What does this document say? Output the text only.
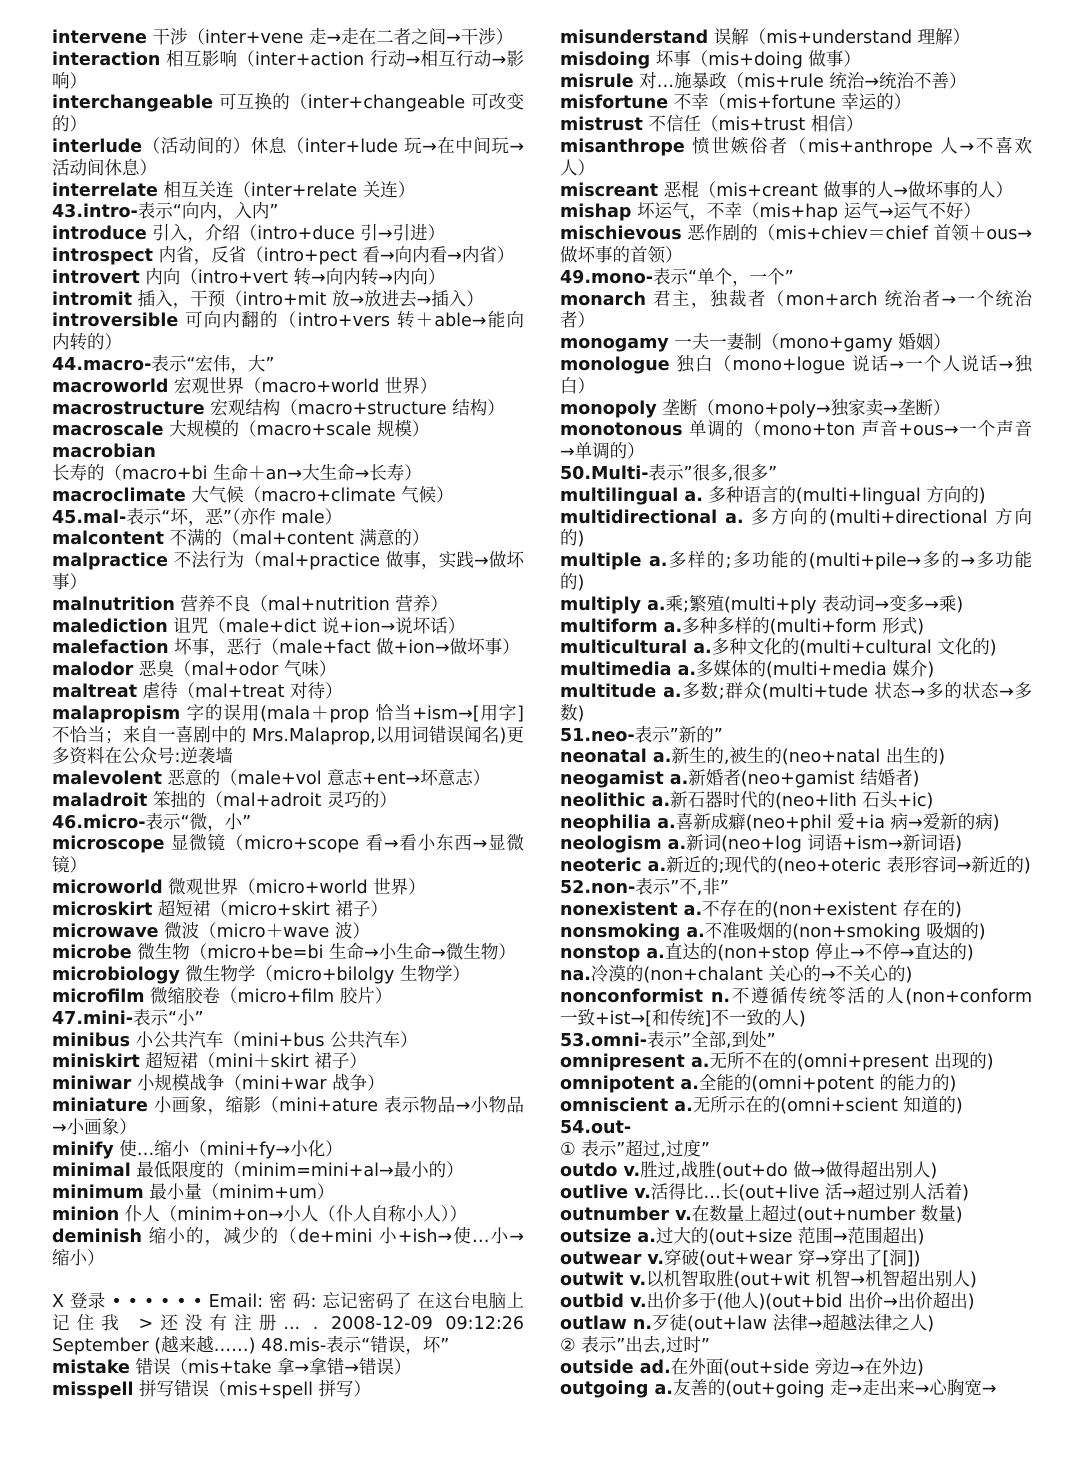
intervene 干涉（inter+vene 走→走在二者之间→干涉）

interaction 相互影响（inter+action 行动→相互行动→影响）

interchangeable 可互换的（inter+changeable 可改变的）

interlude（活动间的）休息（inter+lude 玩→在中间玩→活动间休息）

interrelate 相互关连（inter+relate 关连）

43.intro-表示“向内，入内”

introduce 引入，介绍（intro+duce 引→引进）

introspect 内省，反省（intro+pect 看→向内看→内省）

introvert 内向（intro+vert 转→向内转→内向）

intromit 插入，干预（intro+mit 放→放进去→插入）

introversible 可向内翻的（intro+vers 转＋able→能向内转的）

44.macro-表示“宏伟，大”

macroworld 宏观世界（macro+world 世界）

macrostructure 宏观结构（macro+structure 结构）

macroscale 大规模的（macro+scale 规模）

macrobian 长寿的（macro+bi 生命＋an→大生命→长寿）

macroclimate 大气候（macro+climate 气候）

45.mal-表示“坏，恶”（亦作 male）

malcontent 不满的（mal+content 满意的）

malpractice 不法行为（mal+practice 做事，实践→做坏事）

malnutrition 营养不良（mal+nutrition 营养）

malediction 诅咒（male+dict 说+ion→说坏话）

malefaction 坏事，恶行（male+fact 做+ion→做坏事）

malodor 恶臭（mal+odor 气味）

maltreat 虐待（mal+treat 对待）

malapropism 字的误用(mala＋prop 恰当+ism→[用字]不恰当；来自一喜剧中的 Mrs.Malaprop,以用词错误闻名)更多资料在公众号:逆袭墙

malevolent 恶意的（male+vol 意志+ent→坏意志）

maladroit 笨拙的（mal+adroit 灵巧的）

46.micro-表示“微，小”

microscope 显微镜（micro+scope 看→看小东西→显微镜）

microworld 微观世界（micro+world 世界）

microskirt 超短裙（micro+skirt 裙子）

microwave 微波（micro＋wave 波）

microbe 微生物（micro+be=bi 生命→小生命→微生物）

microbiology 微生物学（micro+bilolgy 生物学）

microfilm 微缩胶卷（micro+film 胶片）

47.mini-表示“小”

minibus 小公共汽车（mini+bus 公共汽车）

miniskirt 超短裙（mini＋skirt 裙子）

miniwar 小规模战争（mini+war 战争）

miniature 小画象，缩影（mini+ature 表示物品→小物品→小画象）

minify 使…缩小（mini+fy→小化）

minimal 最低限度的（minim=mini+al→最小的）

minimum 最小量（minim+um）

minion 仆人（minim+on→小人（仆人自称小人））

deminish 缩小的，减少的（de+mini 小+ish→使…小→缩小）

X 登录 • • • • • • Email: 密 码: 忘记密码了 在这台电脑上记住我 >还没有注册... . 2008-12-09 09:12:26 September (越来越……) 48.mis-表示“错误，坏”

mistake 错误（mis+take 拿→拿错→错误）

misspell 拼写错误（mis+spell 拼写）

misunderstand 误解（mis+understand 理解）

misdoing 坏事（mis+doing 做事）

misrule 对…施暴政（mis+rule 统治→统治不善）

misfortune 不幸（mis+fortune 幸运的）

mistrust 不信任（mis+trust 相信）

misanthrope 愤世嫉俗者（mis+anthrope 人→不喜欢人）

miscreant 恶棍（mis+creant 做事的人→做坏事的人）

mishap 坏运气，不幸（mis+hap 运气→运气不好）

mischievous 恶作剧的（mis+chiev＝chief 首领＋ous→做坏事的首领）

49.mono-表示“单个，一个”

monarch 君主，独裁者（mon+arch 统治者→一个统治者）

monogamy 一夫一妻制（mono+gamy 婚姻）

monologue 独白（mono+logue 说话→一个人说话→独白）

monopoly 垄断（mono+poly→独家卖→垄断）

monotonous 单调的（mono+ton 声音+ous→一个声音→单调的）

50.Multi-表示”很多,很多”

multilingual a. 多种语言的(multi+lingual 方向的)

multidirectional a. 多方向的(multi+directional 方向的)

multiple a.多样的;多功能的(multi+pile→多的→多功能的)

multiply a.乘;繁殖(multi+ply 表动词→变多→乘)

multiform a.多种多样的(multi+form 形式)

multicultural a.多种文化的(multi+cultural 文化的)

multimedia a.多媒体的(multi+media 媒介)

multitude a.多数;群众(multi+tude 状态→多的状态→多数)

51.neo-表示”新的”

neonatal a.新生的,被生的(neo+natal 出生的)

neogamist a.新婚者(neo+gamist 结婚者)

neolithic a.新石器时代的(neo+lith 石头+ic)

neophilia a.喜新成癖(neo+phil 爱+ia 病→爱新的病)

neologism a.新词(neo+log 词语+ism→新词语)

neoteric a.新近的;现代的(neo+oteric 表形容词→新近的)

52.non-表示”不,非”

nonexistent a.不存在的(non+existent 存在的)

nonsmoking a.不准吸烟的(non+smoking 吸烟的)

nonstop a.直达的(non+stop 停止→不停→直达的)

na.冷漠的(non+chalant 关心的→不关心的)

nonconformist n.不遵循传统笭活的人(non+conform 一致+ist→[和传统]不一致的人)

53.omni-表示”全部,到处”

omnipresent a.无所不在的(omni+present 出现的)

omnipotent a.全能的(omni+potent 的能力的)

omniscient a.无所示在的(omni+scient 知道的)

54.out-

① 表示”超过,过度”

outdo v.胜过,战胜(out+do 做→做得超出别人)

outlive v.活得比…长(out+live 活→超过别人活着)

outnumber v.在数量上超过(out+number 数量)

outsize a.过大的(out+size 范围→范围超出)

outwear v.穿破(out+wear 穿→穿出了[洞])

outwit v.以机智取胜(out+wit 机智→机智超出别人)

outbid v.出价多于(他人)(out+bid 出价→出价超出)

outlaw n.歹徒(out+law 法律→超越法律之人)

② 表示”出去,过时”

outside ad.在外面(out+side 旁边→在外边)

outgoing a.友善的(out+going 走→走出来→心胸宽→
